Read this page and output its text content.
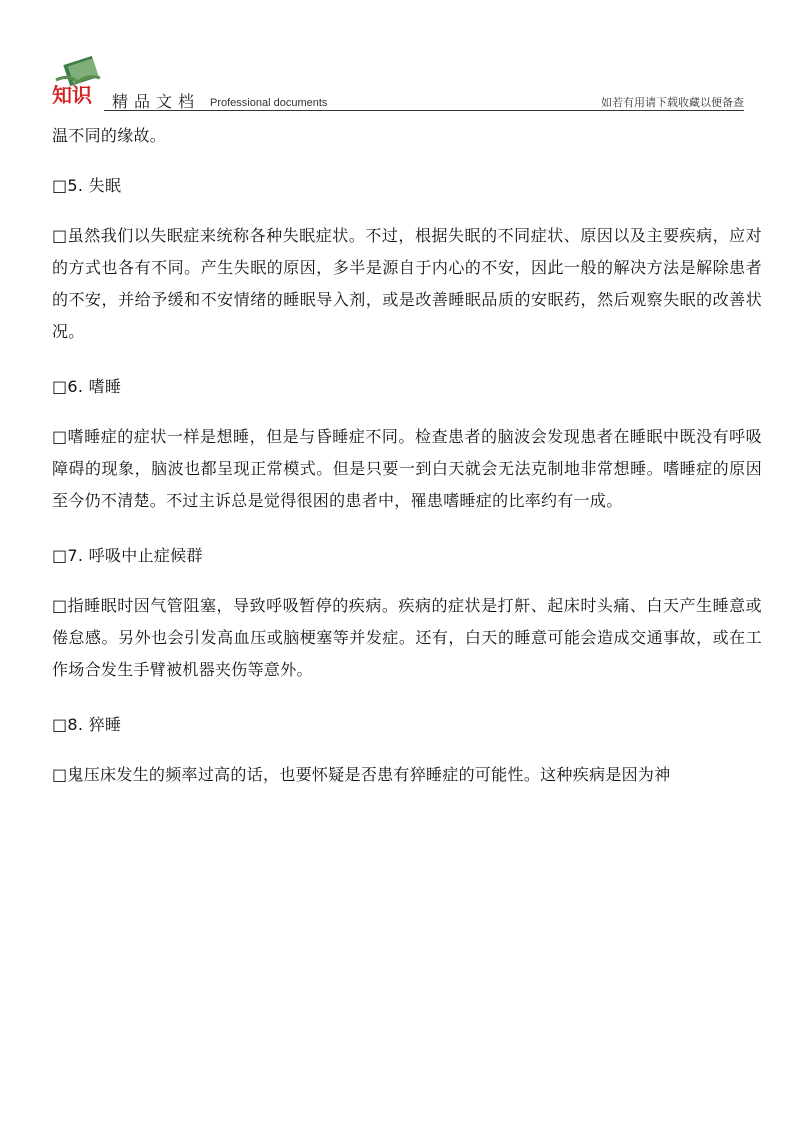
知识 精品文档 Professional documents	如若有用请下载收藏以便备查

温不同的缘故。

□5. 失眠

□虽然我们以失眠症来统称各种失眠症状。不过，根据失眠的不同症状、原因以及主要疾病，应对的方式也各有不同。产生失眠的原因，多半是源自于内心的不安，因此一般的解决方法是解除患者的不安，并给予缓和不安情绪的睡眠导入剂，或是改善睡眠品质的安眠药，然后观察失眠的改善状况。

□6. 嗜睡

□嗜睡症的症状一样是想睡，但是与昏睡症不同。检查患者的脑波会发现患者在睡眠中既没有呼吸障碍的现象，脑波也都呈现正常模式。但是只要一到白天就会无法克制地非常想睡。嗜睡症的原因至今仍不清楚。不过主诉总是觉得很困的患者中，罹患嗜睡症的比率约有一成。

□7. 呼吸中止症候群

□指睡眠时因气管阻塞，导致呼吸暂停的疾病。疾病的症状是打鼾、起床时头痛、白天产生睡意或倦怠感。另外也会引发高血压或脑梗塞等并发症。还有，白天的睡意可能会造成交通事故，或在工作场合发生手臂被机器夹伤等意外。

□8. 猝睡

□鬼压床发生的频率过高的话，也要怀疑是否患有猝睡症的可能性。这种疾病是因为神
